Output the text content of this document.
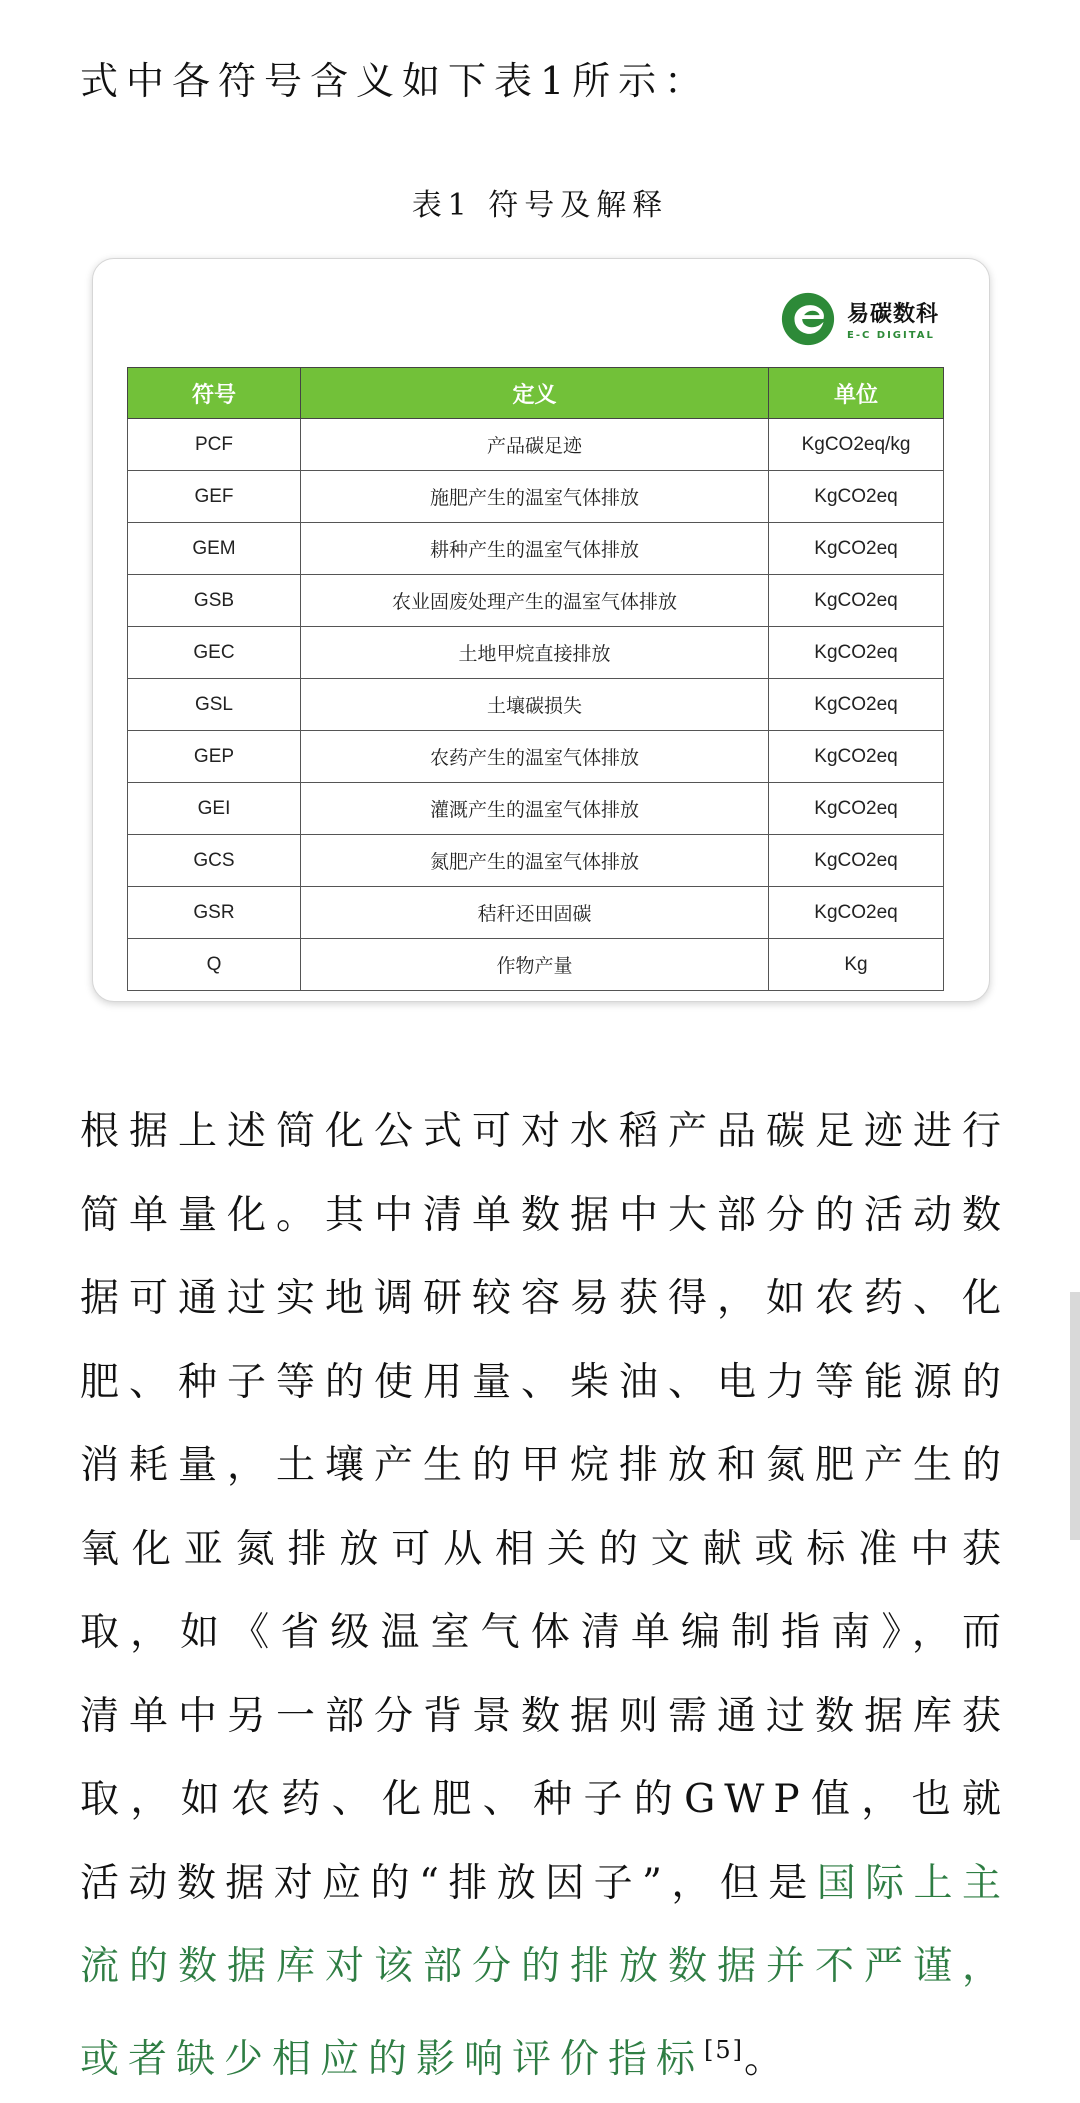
式中各符号含义如下表1所示：
表1 符号及解释
易碳数科
E-C DIGITAL
符号	定义	单位
PCF	产品碳足迹	KgCO2eq/kg
GEF	施肥产生的温室气体排放	KgCO2eq
GEM	耕种产生的温室气体排放	KgCO2eq
GSB	农业固废处理产生的温室气体排放	KgCO2eq
GEC	土地甲烷直接排放	KgCO2eq
GSL	土壤碳损失	KgCO2eq
GEP	农药产生的温室气体排放	KgCO2eq
GEI	灌溉产生的温室气体排放	KgCO2eq
GCS	氮肥产生的温室气体排放	KgCO2eq
GSR	秸秆还田固碳	KgCO2eq
Q	作物产量	Kg
根据上述简化公式可对水稻产品碳足迹进行简单量化。其中清单数据中大部分的活动数据可通过实地调研较容易获得，如农药、化肥、种子等的使用量、柴油、电力等能源的消耗量，土壤产生的甲烷排放和氮肥产生的氧化亚氮排放可从相关的文献或标准中获取，如《省级温室气体清单编制指南》，而清单中另一部分背景数据则需通过数据库获取，如农药、化肥、种子的GWP值，也就活动数据对应的“排放因子”，但是国际上主流的数据库对该部分的排放数据并不严谨，或者缺少相应的影响评价指标[5]。
